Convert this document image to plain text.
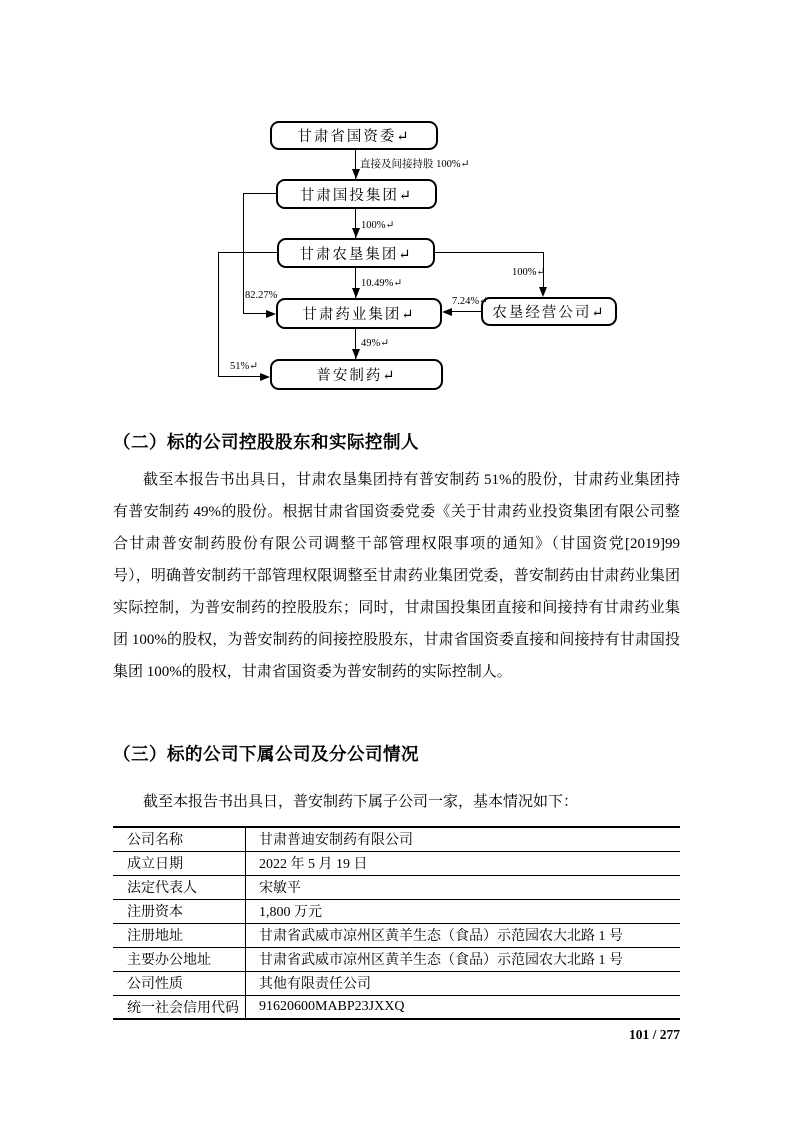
甘肃省国资委↵
甘肃国投集团↵
甘肃农垦集团↵
甘肃药业集团↵
普安制药↵
农垦经营公司↵
直接及间接持股 100%↵
100%↵
10.49%↵
49%↵
82.27%
51%↵
100%↵
7.24%↵
（二）标的公司控股股东和实际控制人
截至本报告书出具日，甘肃农垦集团持有普安制药 51%的股份，甘肃药业集团持有普安制药 49%的股份。根据甘肃省国资委党委《关于甘肃药业投资集团有限公司整合甘肃普安制药股份有限公司调整干部管理权限事项的通知》（甘国资党[2019]99 号），明确普安制药干部管理权限调整至甘肃药业集团党委，普安制药由甘肃药业集团实际控制，为普安制药的控股股东；同时，甘肃国投集团直接和间接持有甘肃药业集团 100%的股权，为普安制药的间接控股股东，甘肃省国资委直接和间接持有甘肃国投集团 100%的股权，甘肃省国资委为普安制药的实际控制人。
（三）标的公司下属公司及分公司情况
截至本报告书出具日，普安制药下属子公司一家，基本情况如下：
公司名称	甘肃普迪安制药有限公司
成立日期	2022 年 5 月 19 日
法定代表人	宋敏平
注册资本	1,800 万元
注册地址	甘肃省武威市凉州区黄羊生态（食品）示范园农大北路 1 号
主要办公地址	甘肃省武威市凉州区黄羊生态（食品）示范园农大北路 1 号
公司性质	其他有限责任公司
统一社会信用代码	91620600MABP23JXXQ
101 / 277
